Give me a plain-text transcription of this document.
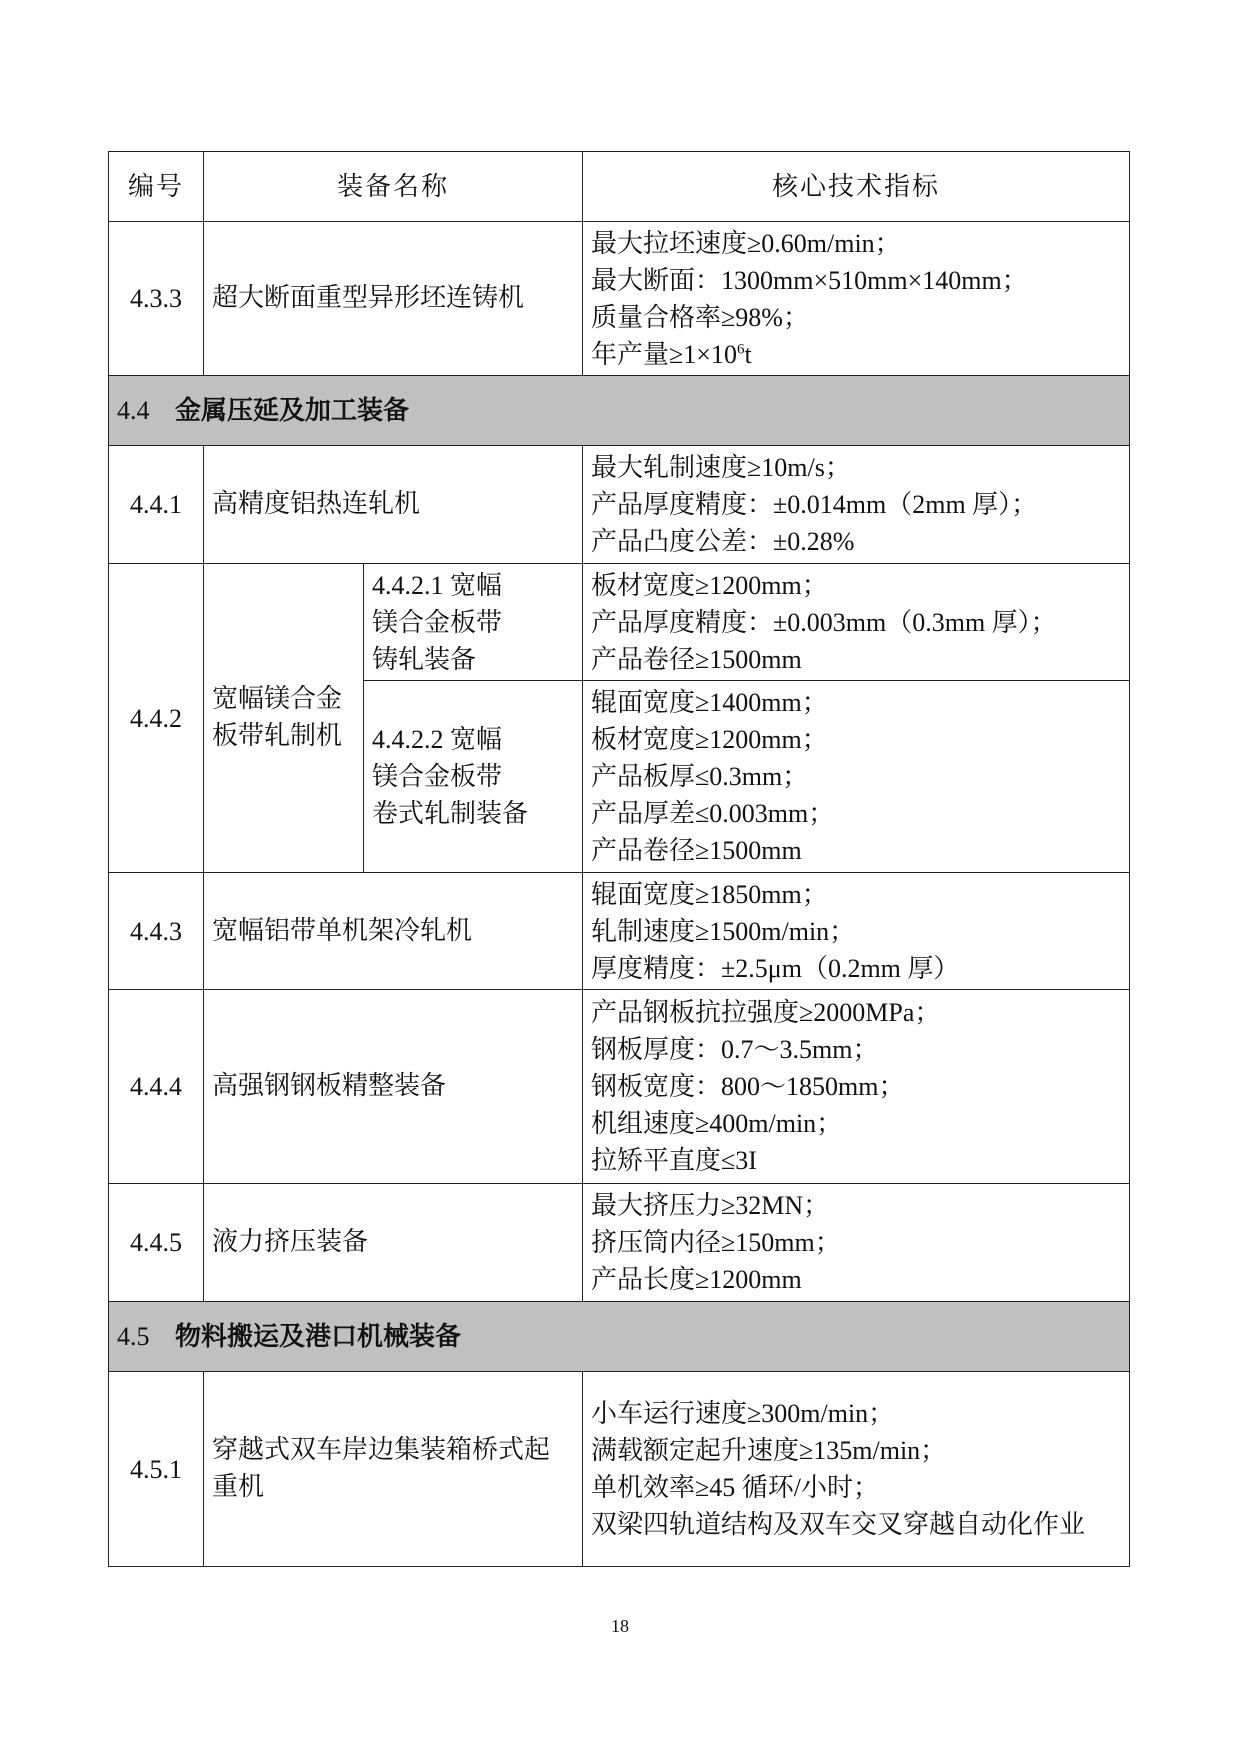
编号	装备名称		核心技术指标
4.3.3	超大断面重型异形坯连铸机		最大拉坯速度≥0.60m/min；
最大断面：1300mm×510mm×140mm；
质量合格率≥98%；
年产量$\ge 1\times 10^6t$

4.4 金属压延及加工装备			
4.4.1	高精度铝热连轧机		最大轧制速度≥10m/s；
产品厚度精度：±0.014mm（2mm 厚）；
产品凸度公差：±0.28%

4.4.2	宽幅镁合金板带轧制机	4.4.2.1 宽幅
镁合金板带
铸轧装备	板材宽度≥1200mm；
产品厚度精度：±0.003mm（0.3mm 厚）；
产品卷径≥1500mm

		4.4.2.2 宽幅
镁合金板带
卷式轧制装备	辊面宽度≥1400mm；
板材宽度≥1200mm；
产品板厚≤0.3mm；
产品厚差≤0.003mm；
产品卷径≥1500mm

4.4.3	宽幅铝带单机架冷轧机		辊面宽度≥1850mm；
轧制速度≥1500m/min；
厚度精度：±2.5μm（0.2mm 厚）

4.4.4	高强钢钢板精整装备		产品钢板抗拉强度≥2000MPa；
钢板厚度：0.7～3.5mm；
钢板宽度：800～1850mm；
机组速度≥400m/min；
拉矫平直度≤3I

4.4.5	液力挤压装备		最大挤压力≥32MN；
挤压筒内径≥150mm；
产品长度≥1200mm

4.5 物料搬运及港口机械装备			
4.5.1	穿越式双车岸边集装箱桥式起重机		小车运行速度≥300m/min；
满载额定起升速度≥135m/min；
单机效率≥45 循环/小时；
双梁四轨道结构及双车交叉穿越自动化作业
18
